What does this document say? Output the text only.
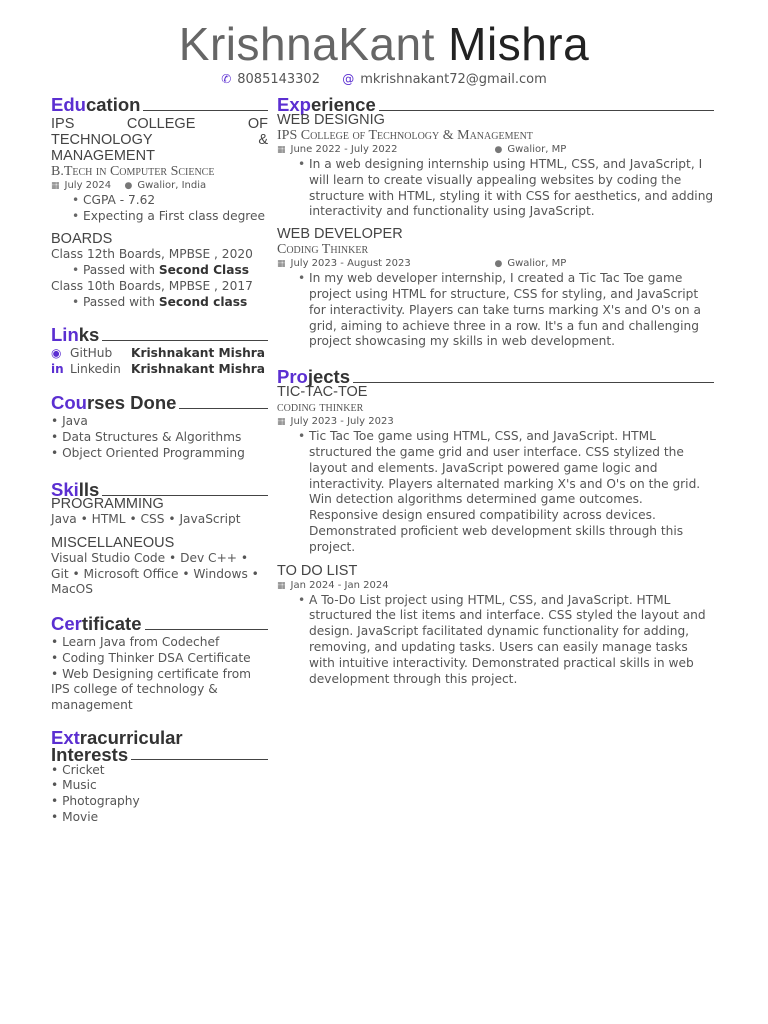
KrishnaKant Mishra
✆ 8085143302 @ mkrishnakant72@gmail.com
Edu cation
IPS COLLEGE OF TECHNOLOGY & MANAGEMENT
B.Tech in Computer Science
▦ July 2024	● Gwalior, India
• CGPA - 7.62
• Expecting a First class degree
BOARDS
Class 12th Boards, MPBSE , 2020
• Passed with Second Class
Class 10th Boards, MPBSE , 2017
• Passed with Second class
Lin ks
◉ GitHub	Krishnakant Mishra
in Linkedin Krishnakant Mishra
Cou rses Done
• Java
• Data Structures & Algorithms
• Object Oriented Programming
Ski lls
PROGRAMMING
Java • HTML • CSS • JavaScript
MISCELLANEOUS
Visual Studio Code • Dev C++ • Git • Microsoft Office • Windows • MacOS
Cer tificate
• Learn Java from Codechef
• Coding Thinker DSA Certificate
• Web Designing certificate from IPS college of technology & management
Extracurricular
Interests
• Cricket
• Music
• Photography
• Movie
Exp erience
WEB DESIGNIG
IPS College of Technology & Management
▦ June 2022 - July 2022	● Gwalior, MP
• In a web designing internship using HTML, CSS, and JavaScript, I will learn to create visually appealing websites by coding the structure with HTML, styling it with CSS for aesthetics, and adding interactivity and functionality using JavaScript.
WEB DEVELOPER
Coding Thinker
▦ July 2023 - August 2023	● Gwalior, MP
• In my web developer internship, I created a Tic Tac Toe game project using HTML for structure, CSS for styling, and JavaScript for interactivity. Players can take turns marking X's and O's on a grid, aiming to achieve three in a row. It's a fun and challenging project showcasing my skills in web development.
Pro jects
TIC-TAC-TOE
coding thinker
▦ July 2023 - July 2023
• Tic Tac Toe game using HTML, CSS, and JavaScript. HTML structured the game grid and user interface. CSS stylized the layout and elements. JavaScript powered game logic and interactivity. Players alternated marking X's and O's on the grid. Win detection algorithms determined game outcomes. Responsive design ensured compatibility across devices. Demonstrated proficient web development skills through this project.
TO DO LIST
▦ Jan 2024 - Jan 2024
• A To-Do List project using HTML, CSS, and JavaScript. HTML structured the list items and interface. CSS styled the layout and design. JavaScript facilitated dynamic functionality for adding, removing, and updating tasks. Users can easily manage tasks with intuitive interactivity. Demonstrated practical skills in web development through this project.
